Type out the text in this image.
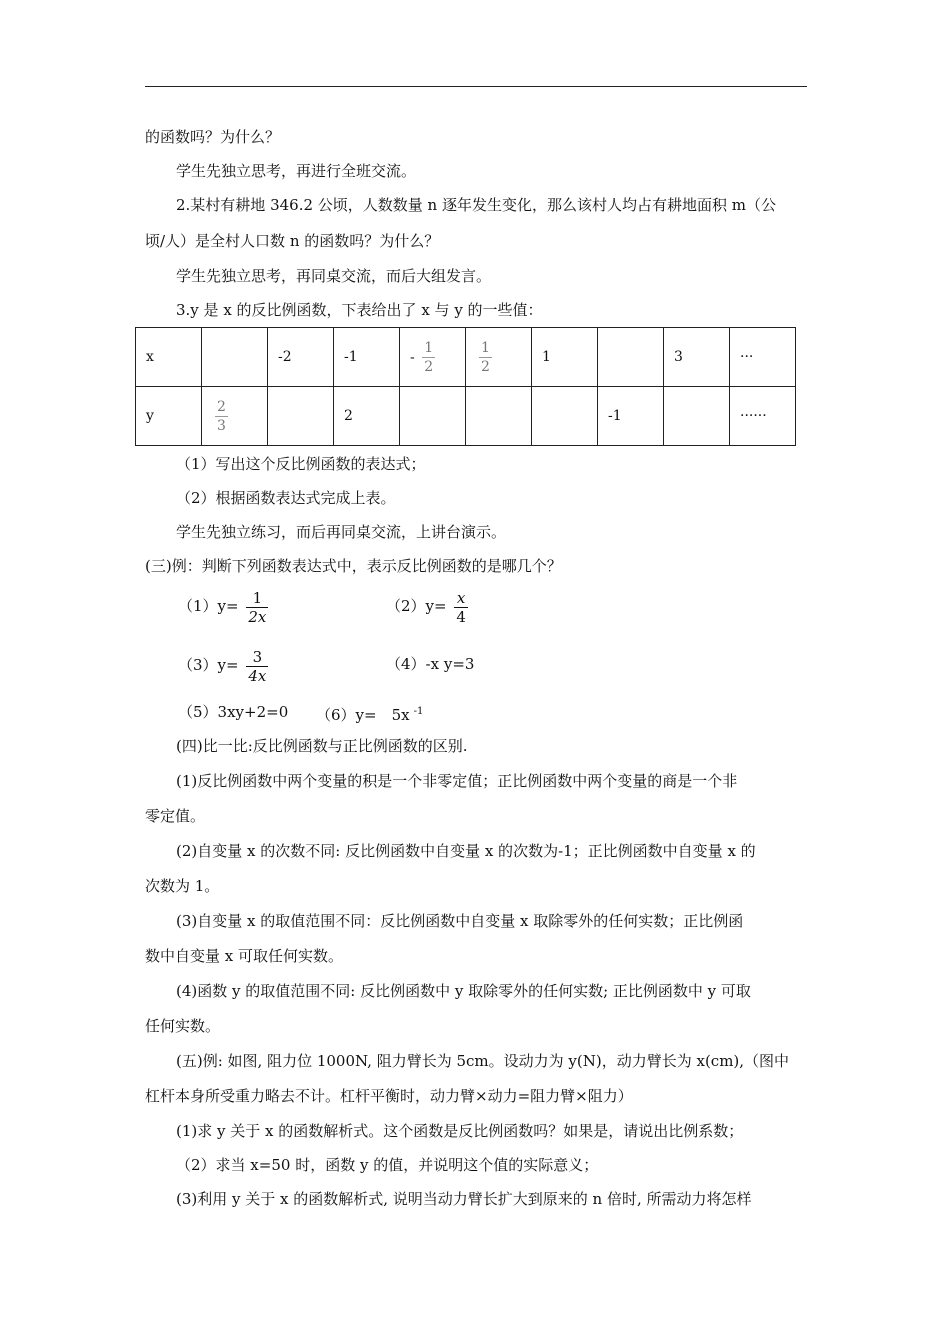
的函数吗？为什么？
学生先独立思考，再进行全班交流。
2.某村有耕地 346.2 公顷，人数数量 n 逐年发生变化，那么该村人均占有耕地面积 m（公
顷/人）是全村人口数 n 的函数吗？为什么？
学生先独立思考，再同桌交流，而后大组发言。
3.y 是 x 的反比例函数，下表给出了 x 与 y 的一些值：
x		-2	-1	- $\frac{1}{2}$	$\frac{1}{2}$	1		3	···
y	$\frac{2}{3}$		2				-1		······
（1）写出这个反比例函数的表达式；
（2）根据函数表达式完成上表。
学生先独立练习，而后再同桌交流，上讲台演示。
(三)例：判断下列函数表达式中，表示反比例函数的是哪几个？
$(1)y= \frac{1}{2x}$	$(2)y= \frac{x}{4}$
$(3)y= \frac{3}{4x}$	（4）-x y=3
（5）3xy+2=0 （6）y=　5x $^{-1}$
(四)比一比:反比例函数与正比例函数的区别.
(1)反比例函数中两个变量的积是一个非零定值；正比例函数中两个变量的商是一个非
零定值。
(2)自变量 x 的次数不同: 反比例函数中自变量 x 的次数为-1；正比例函数中自变量 x 的
次数为 1。
(3)自变量 x 的取值范围不同：反比例函数中自变量 x 取除零外的任何实数；正比例函
数中自变量 x 可取任何实数。
(4)函数 y 的取值范围不同: 反比例函数中 y 取除零外的任何实数; 正比例函数中 y 可取
任何实数。
(五)例: 如图, 阻力位 1000N, 阻力臂长为 5cm。设动力为 y(N)，动力臂长为 x(cm),（图中
杠杆本身所受重力略去不计。杠杆平衡时，动力臂×动力=阻力臂×阻力）
(1)求 y 关于 x 的函数解析式。这个函数是反比例函数吗？如果是，请说出比例系数；
（2）求当 x=50 时，函数 y 的值，并说明这个值的实际意义；
(3)利用 y 关于 x 的函数解析式, 说明当动力臂长扩大到原来的 n 倍时, 所需动力将怎样
